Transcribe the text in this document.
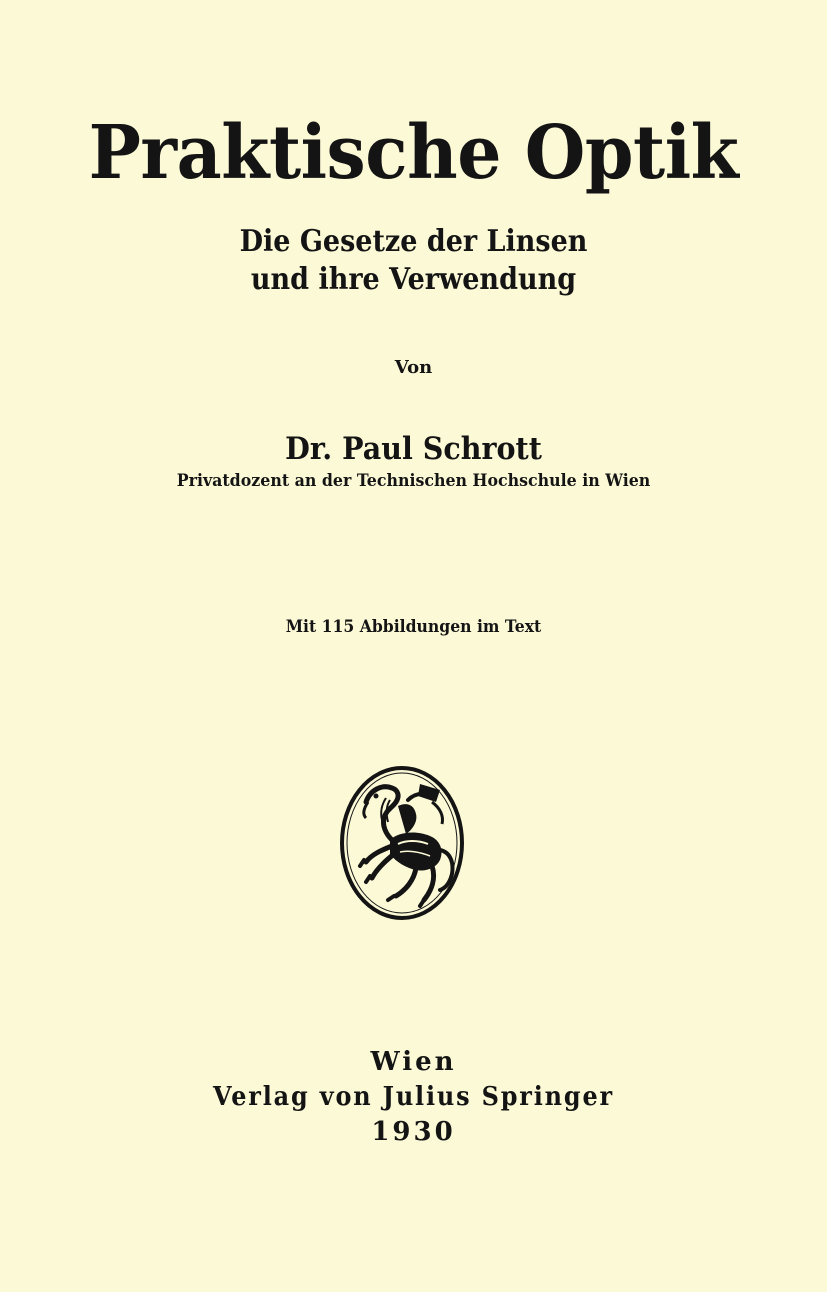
Praktische Optik
Die Gesetze der Linsen
und ihre Verwendung
Von
Dr. Paul Schrott
Privatdozent an der Technischen Hochschule in Wien
Mit 115 Abbildungen im Text
Wien
Verlag von Julius Springer
1930
